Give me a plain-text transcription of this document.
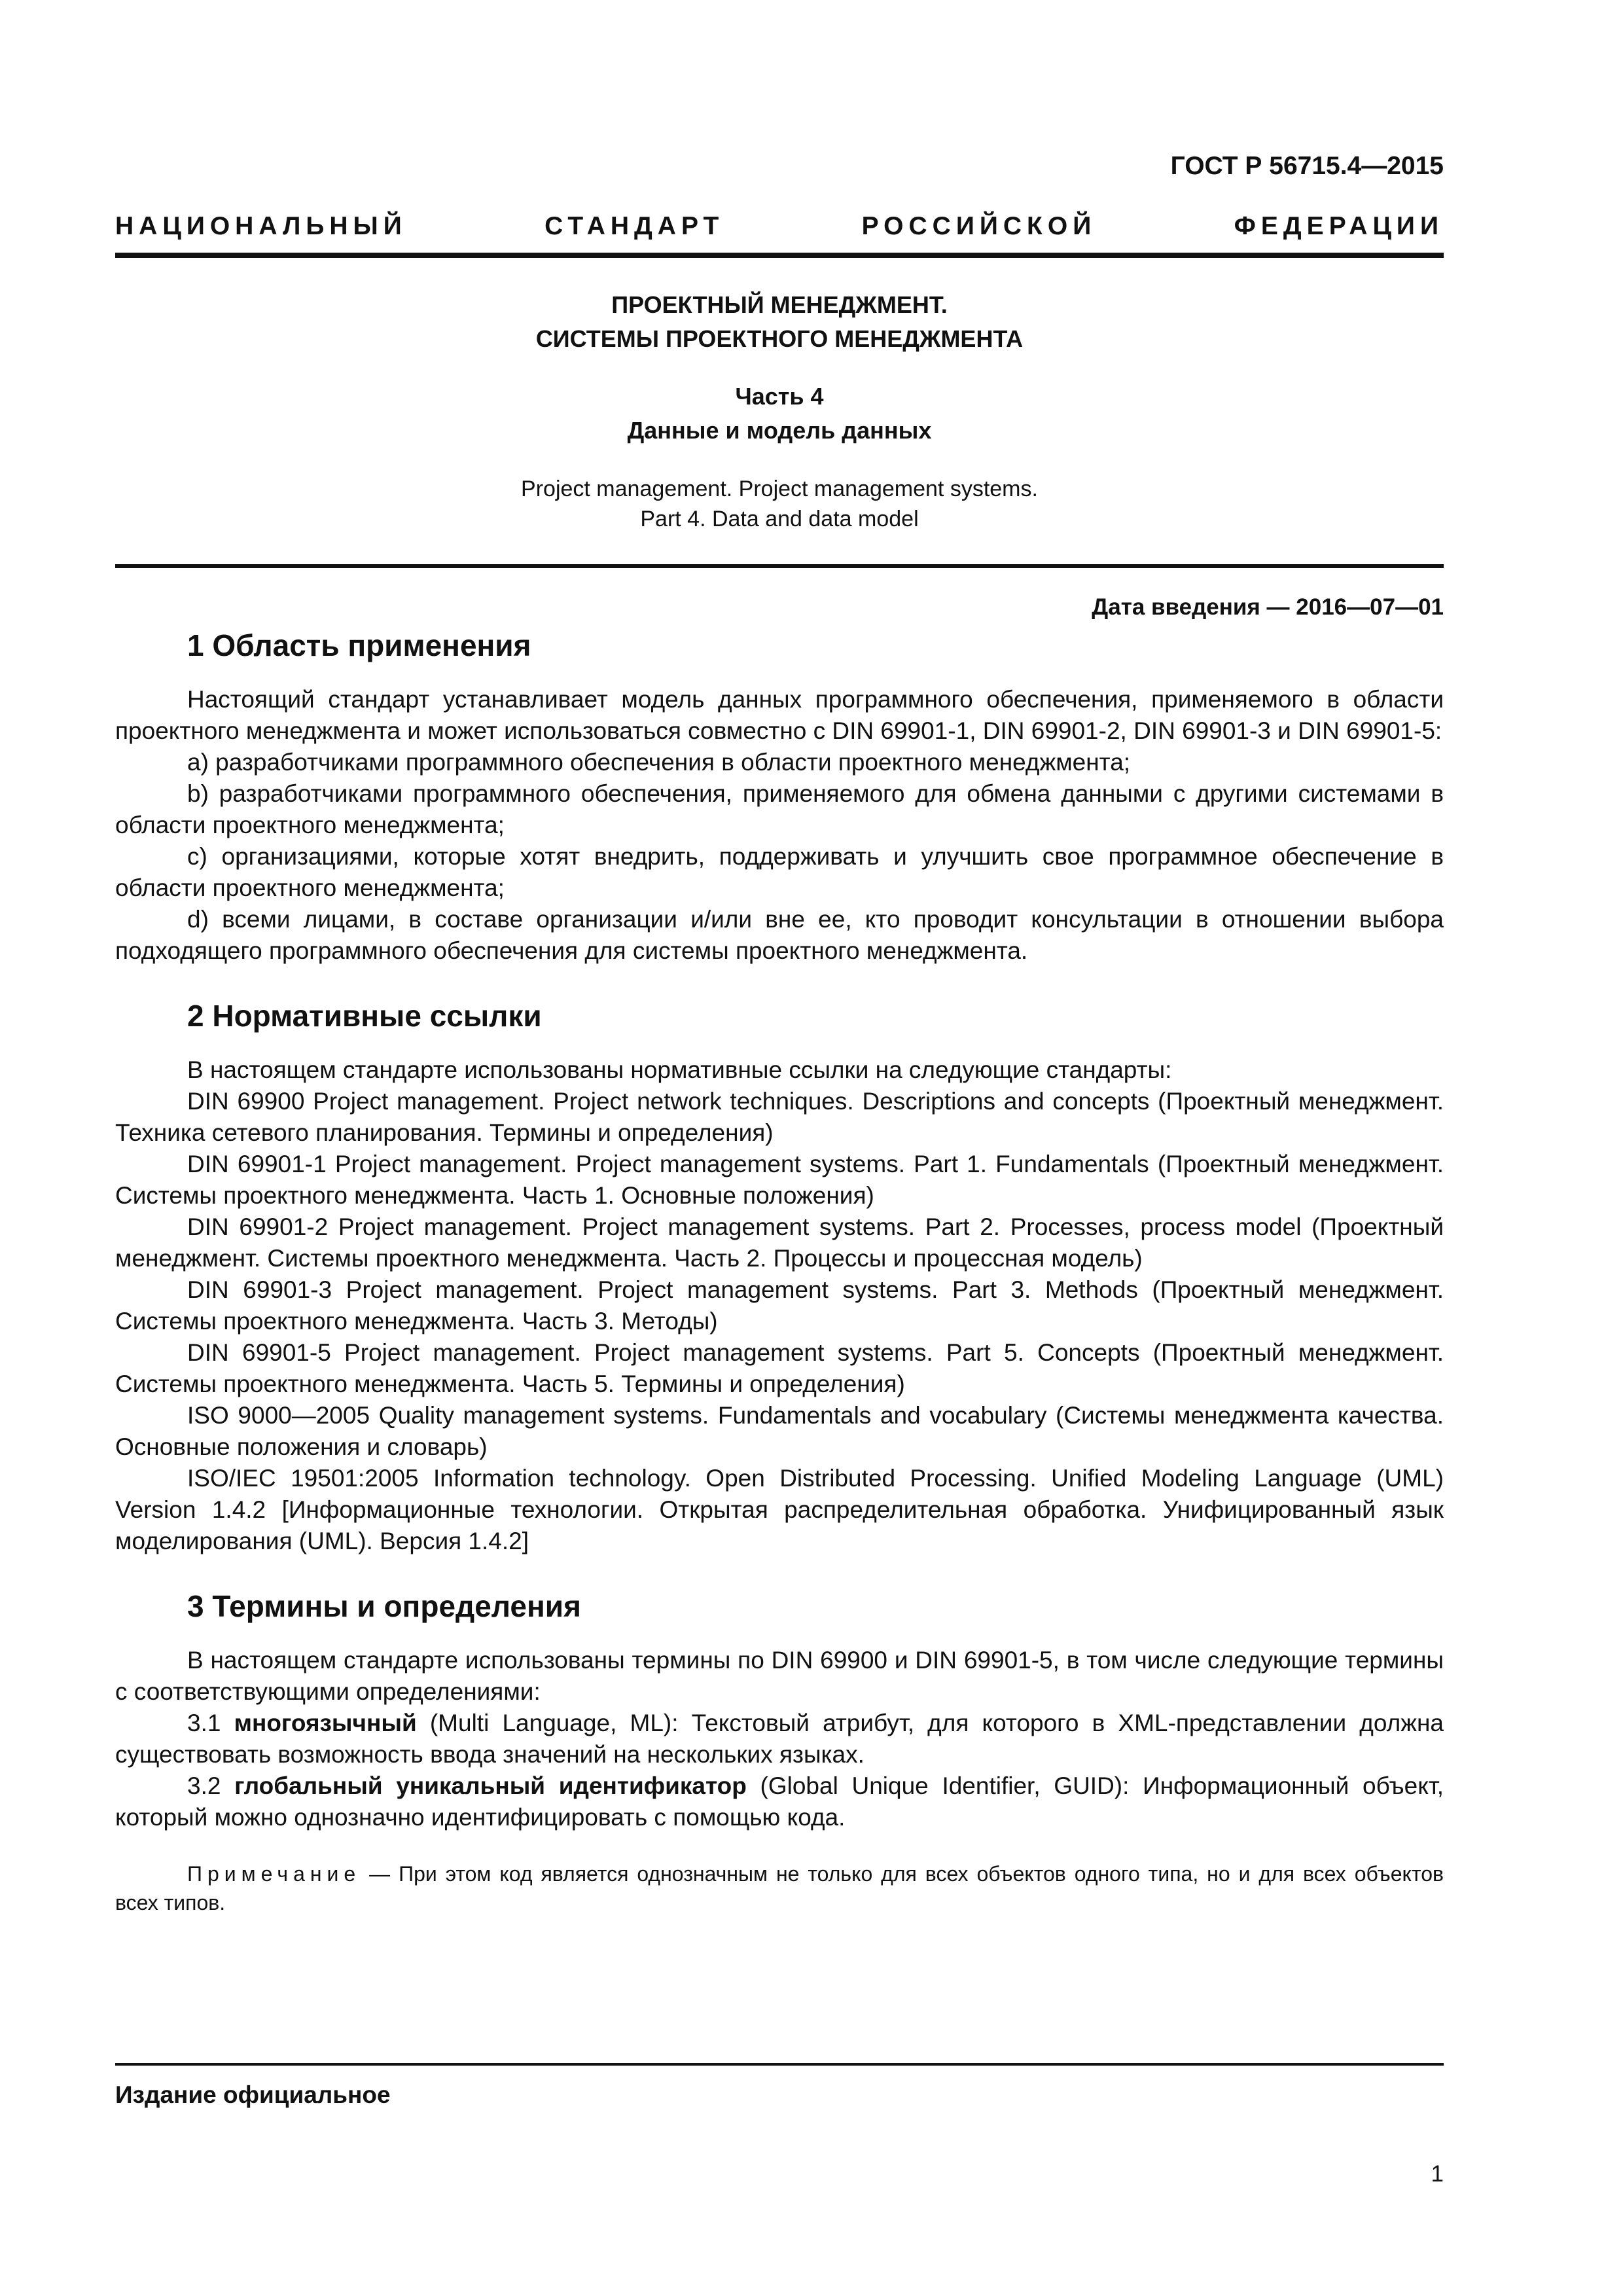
ГОСТ Р 56715.4—2015
НАЦИОНАЛЬНЫЙ СТАНДАРТ РОССИЙСКОЙ ФЕДЕРАЦИИ
ПРОЕКТНЫЙ МЕНЕДЖМЕНТ.
СИСТЕМЫ ПРОЕКТНОГО МЕНЕДЖМЕНТА
Часть 4
Данные и модель данных
Project management. Project management systems.
Part 4. Data and data model
Дата введения — 2016—07—01
1 Область применения

Настоящий стандарт устанавливает модель данных программного обеспечения, применяемого в области проектного менеджмента и может использоваться совместно с DIN 69901-1, DIN 69901-2, DIN 69901-3 и DIN 69901-5:

a) разработчиками программного обеспечения в области проектного менеджмента;

b) разработчиками программного обеспечения, применяемого для обмена данными с другими системами в области проектного менеджмента;

c) организациями, которые хотят внедрить, поддерживать и улучшить свое программное обеспечение в области проектного менеджмента;

d) всеми лицами, в составе организации и/или вне ее, кто проводит консультации в отношении выбора подходящего программного обеспечения для системы проектного менеджмента.

2 Нормативные ссылки

В настоящем стандарте использованы нормативные ссылки на следующие стандарты:

DIN 69900 Project management. Project network techniques. Descriptions and concepts (Проектный менеджмент. Техника сетевого планирования. Термины и определения)

DIN 69901-1 Project management. Project management systems. Part 1. Fundamentals (Проектный менеджмент. Системы проектного менеджмента. Часть 1. Основные положения)

DIN 69901-2 Project management. Project management systems. Part 2. Processes, process model (Проектный менеджмент. Системы проектного менеджмента. Часть 2. Процессы и процессная модель)

DIN 69901-3 Project management. Project management systems. Part 3. Methods (Проектный менеджмент. Системы проектного менеджмента. Часть 3. Методы)

DIN 69901-5 Project management. Project management systems. Part 5. Concepts (Проектный менеджмент. Системы проектного менеджмента. Часть 5. Термины и определения)

ISO 9000—2005 Quality management systems. Fundamentals and vocabulary (Системы менеджмента качества. Основные положения и словарь)

ISO/IEC 19501:2005 Information technology. Open Distributed Processing. Unified Modeling Language (UML) Version 1.4.2 [Информационные технологии. Открытая распределительная обработка. Унифицированный язык моделирования (UML). Версия 1.4.2]

3 Термины и определения

В настоящем стандарте использованы термины по DIN 69900 и DIN 69901-5, в том числе следующие термины с соответствующими определениями:

3.1 многоязычный (Multi Language, ML): Текстовый атрибут, для которого в XML-представлении должна существовать возможность ввода значений на нескольких языках.

3.2 глобальный уникальный идентификатор (Global Unique Identifier, GUID): Информационный объект, который можно однозначно идентифицировать с помощью кода.

Примечание — При этом код является однозначным не только для всех объектов одного типа, но и для всех объектов всех типов.

Издание официальное
1
